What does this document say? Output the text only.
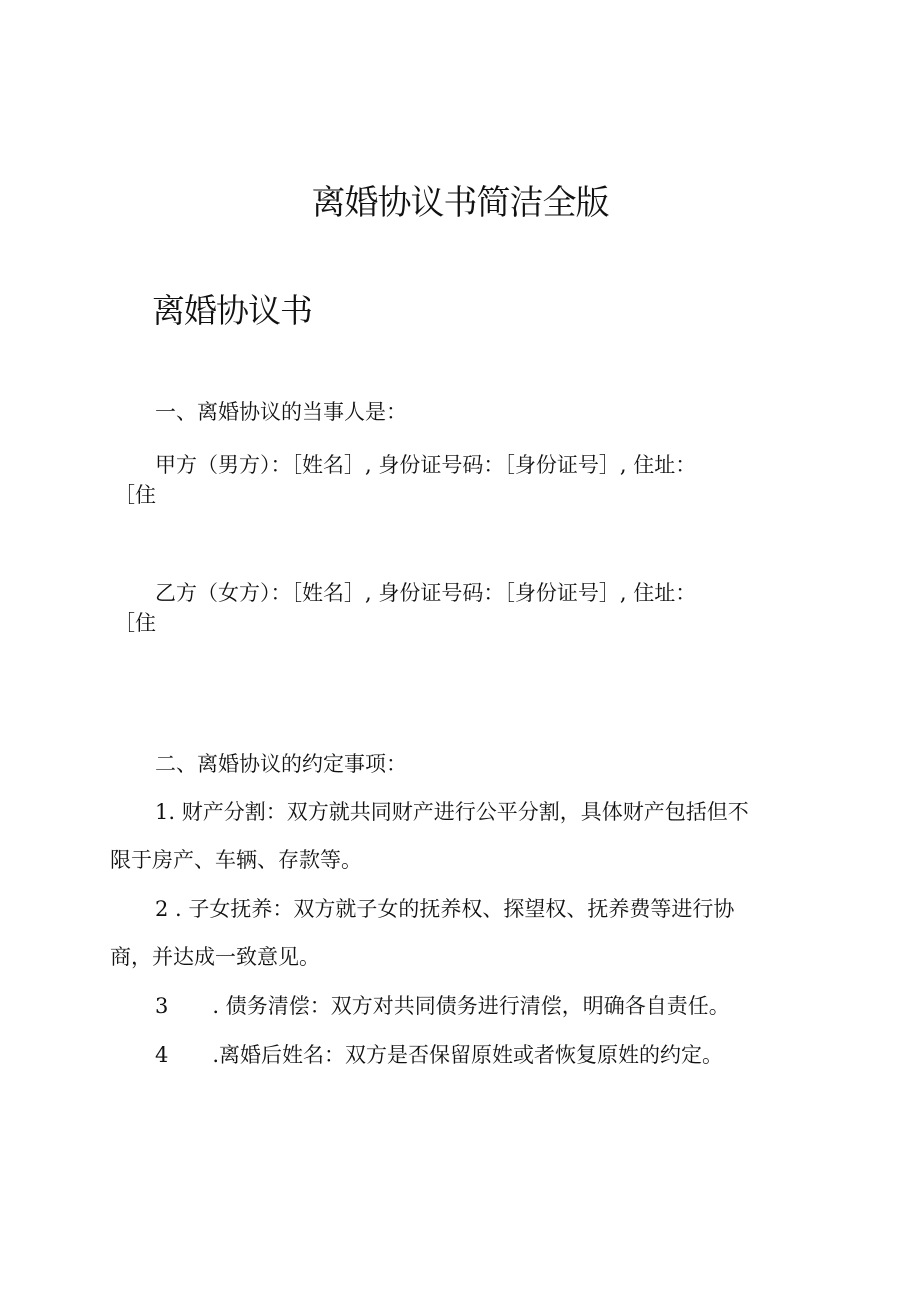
离婚协议书简洁全版
离婚协议书
一、离婚协议的当事人是：
甲方（男方）：［姓名］, 身份证号码：［身份证号］, 住址：
［住
乙方（女方）：［姓名］, 身份证号码：［身份证号］, 住址：
［住
二、离婚协议的约定事项：
1. 财产分割：双方就共同财产进行公平分割，具体财产包括但不
限于房产、车辆、存款等。
2 . 子女抚养：双方就子女的抚养权、探望权、抚养费等进行协
商，并达成一致意见。
3 . 债务清偿：双方对共同债务进行清偿，明确各自责任。
4 .离婚后姓名：双方是否保留原姓或者恢复原姓的约定。
